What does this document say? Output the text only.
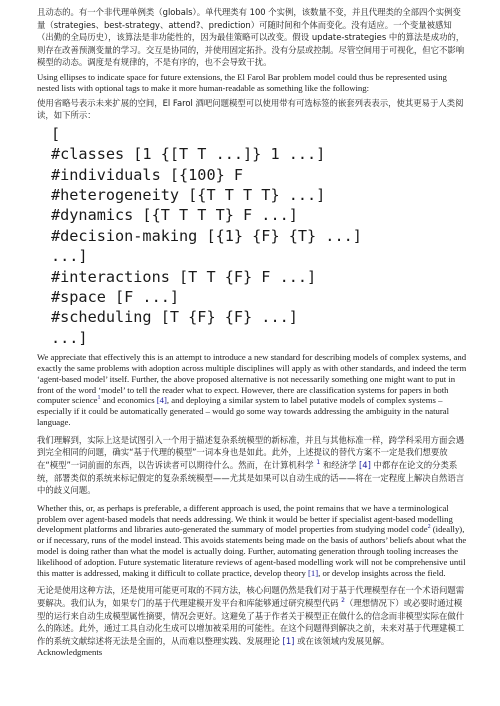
且动态的。有一个非代理单例类（globals）。单代理类有 100 个实例，该数量不变，并且代理类的全部四个实例变量（strategies、best-strategy、attend?、prediction）可随时间和个体而变化。没有适应。一个变量被感知（出勤的全局历史），该算法是非功能性的，因为最佳策略可以改变。假设 update-strategies 中的算法是成功的，则存在改善预测变量的学习。交互是协同的，并使用固定拓扑。没有分层或控制。尽管空间用于可视化，但它不影响模型的动态。调度是有规律的，不是有序的，也不会导致干扰。

Using ellipses to indicate space for future extensions, the El Farol Bar problem model could thus be represented using nested lists with optional tags to make it more human-readable as something like the following:

使用省略号表示未来扩展的空间，El Farol 酒吧问题模型可以使用带有可选标签的嵌套列表表示，使其更易于人类阅读，如下所示：

[
#classes [1 {[T T ...]} 1 ...]
#individuals [{100} F
#heterogeneity [{T T T T} ...]
#dynamics [{T T T T} F ...]
#decision-making [{1} {F} {T} ...]
...]
#interactions [T T {F} F ...]
#space [F ...]
#scheduling [T {F} {F} ...]
...]

We appreciate that effectively this is an attempt to introduce a new standard for describing models of complex systems, and exactly the same problems with adoption across multiple disciplines will apply as with other standards, and indeed the term ‘agent-based model’ itself. Further, the above proposed alternative is not necessarily something one might want to put in front of the word ‘model’ to tell the reader what to expect. However, there are classification systems for papers in both computer science$^1$ and economics [4], and deploying a similar system to label putative models of complex systems – especially if it could be automatically generated – would go some way towards addressing the ambiguity in the natural language.

我们理解到，实际上这是试图引入一个用于描述复杂系统模型的新标准，并且与其他标准一样，跨学科采用方面会遇到完全相同的问题，确实“基于代理的模型”一词本身也是如此。此外，上述提议的替代方案不一定是我们想要放在“模型”一词前面的东西，以告诉读者可以期待什么。然而，在计算机科学 $^1$ 和经济学 [4] 中都存在论文的分类系统，部署类似的系统来标记假定的复杂系统模型——尤其是如果可以自动生成的话——将在一定程度上解决自然语言中的歧义问题。

Whether this, or, as perhaps is preferable, a different approach is used, the point remains that we have a terminological problem over agent-based models that needs addressing. We think it would be better if specialist agent-based modelling development platforms and libraries auto-generated the summary of model properties from studying model code$^2$ (ideally), or if necessary, runs of the model instead. This avoids statements being made on the basis of authors’ beliefs about what the model is doing rather than what the model is actually doing. Further, automating generation through tooling increases the likelihood of adoption. Future systematic literature reviews of agent-based modelling work will not be comprehensive until this matter is addressed, making it difficult to collate practice, develop theory [1], or develop insights across the field.

无论是使用这种方法，还是使用可能更可取的不同方法，核心问题仍然是我们对于基于代理模型存在一个术语问题需要解决。我们认为，如果专门的基于代理建模开发平台和库能够通过研究模型代码 $^2$（理想情况下）或必要时通过模型的运行来自动生成模型属性摘要，情况会更好。这避免了基于作者关于模型正在做什么的信念而非模型实际在做什么的陈述。此外，通过工具自动化生成可以增加被采用的可能性。在这个问题得到解决之前，未来对基于代理建模工作的系统文献综述将无法是全面的，从而难以整理实践、发展理论 [1] 或在该领域内发展见解。

Acknowledgments
